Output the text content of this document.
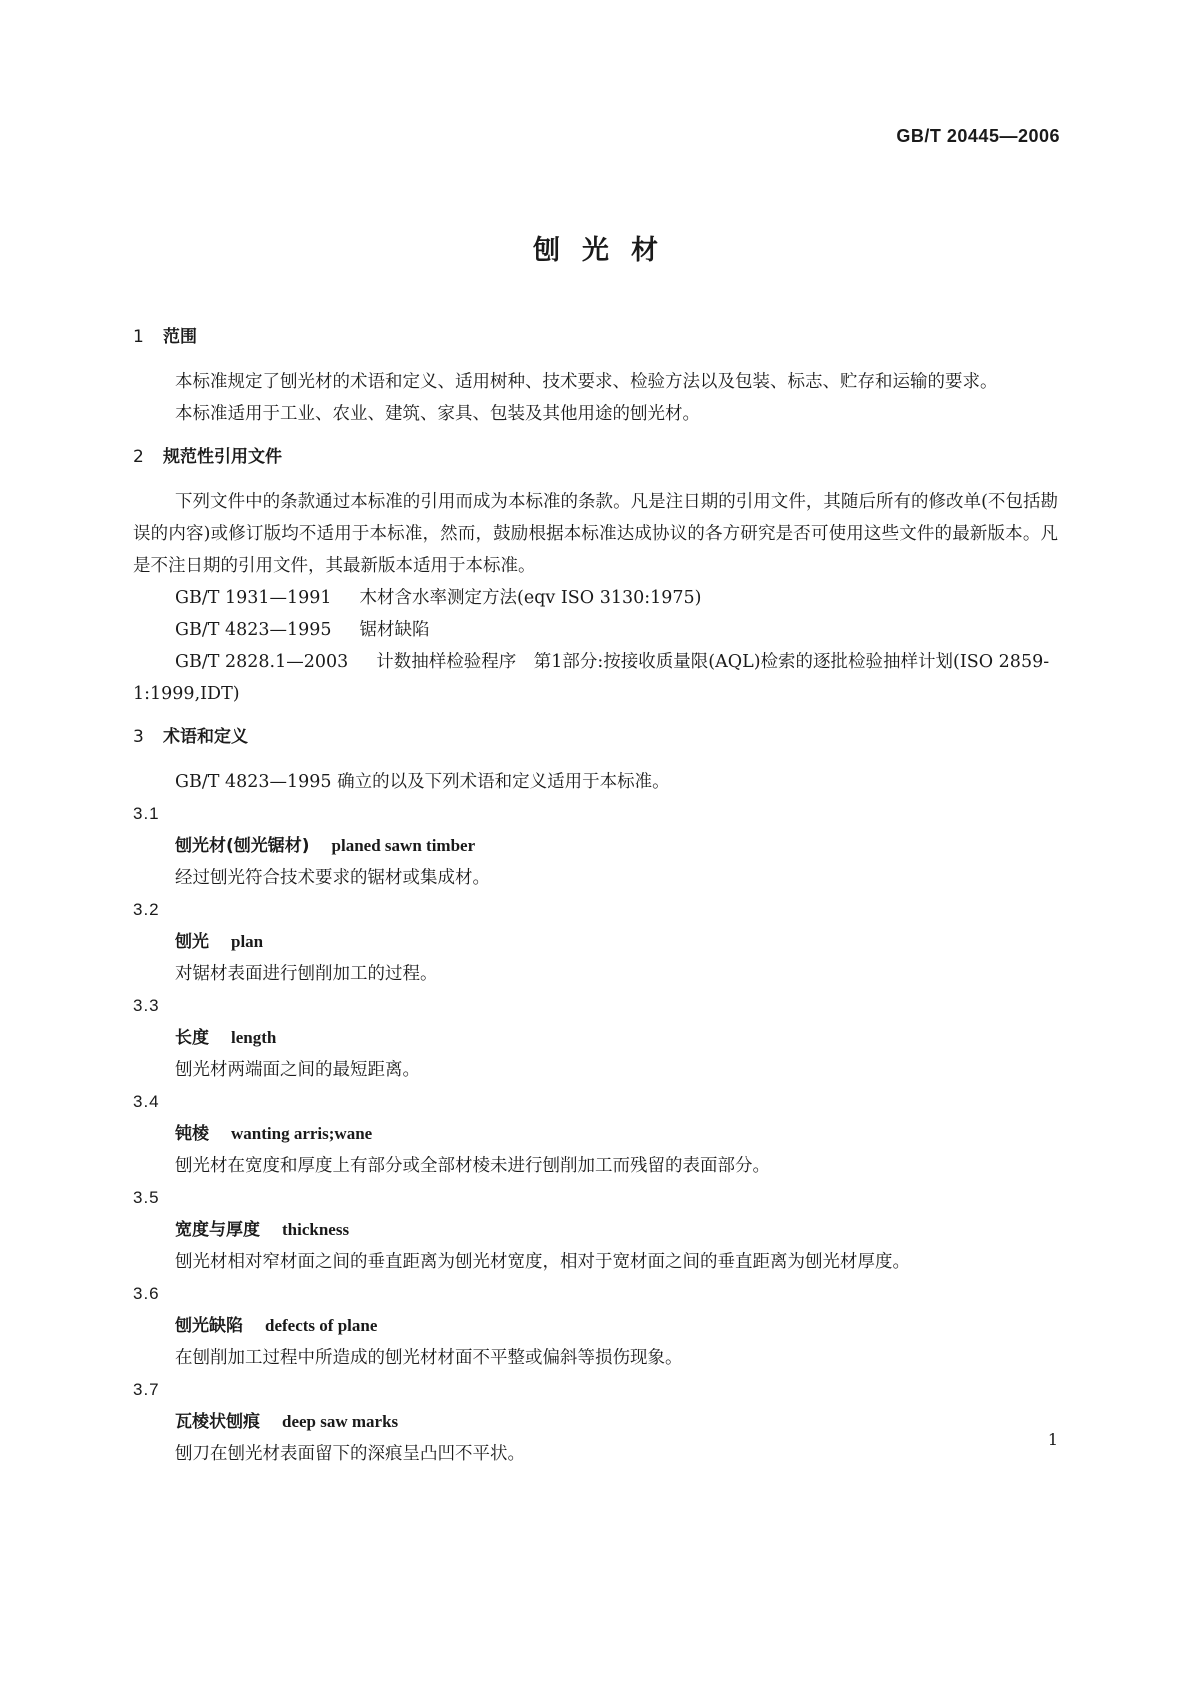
GB/T 20445—2006
刨光材
1 范围

本标准规定了刨光材的术语和定义、适用树种、技术要求、检验方法以及包装、标志、贮存和运输的要求。

本标准适用于工业、农业、建筑、家具、包装及其他用途的刨光材。

2 规范性引用文件

下列文件中的条款通过本标准的引用而成为本标准的条款。凡是注日期的引用文件，其随后所有的修改单(不包括勘误的内容)或修订版均不适用于本标准，然而，鼓励根据本标准达成协议的各方研究是否可使用这些文件的最新版本。凡是不注日期的引用文件，其最新版本适用于本标准。

GB/T 1931—1991 木材含水率测定方法(eqv ISO 3130:1975)

GB/T 4823—1995 锯材缺陷

GB/T 2828.1—2003 计数抽样检验程序　第1部分:按接收质量限(AQL)检索的逐批检验抽样计划(ISO 2859-1:1999,IDT)

3 术语和定义

GB/T 4823—1995 确立的以及下列术语和定义适用于本标准。

3.1

刨光材(刨光锯材) planed sawn timber

经过刨光符合技术要求的锯材或集成材。

3.2

刨光 plan

对锯材表面进行刨削加工的过程。

3.3

长度 length

刨光材两端面之间的最短距离。

3.4

钝棱 wanting arris;wane

刨光材在宽度和厚度上有部分或全部材棱未进行刨削加工而残留的表面部分。

3.5

宽度与厚度 thickness

刨光材相对窄材面之间的垂直距离为刨光材宽度，相对于宽材面之间的垂直距离为刨光材厚度。

3.6

刨光缺陷 defects of plane

在刨削加工过程中所造成的刨光材材面不平整或偏斜等损伤现象。

3.7

瓦棱状刨痕 deep saw marks

刨刀在刨光材表面留下的深痕呈凸凹不平状。

1
